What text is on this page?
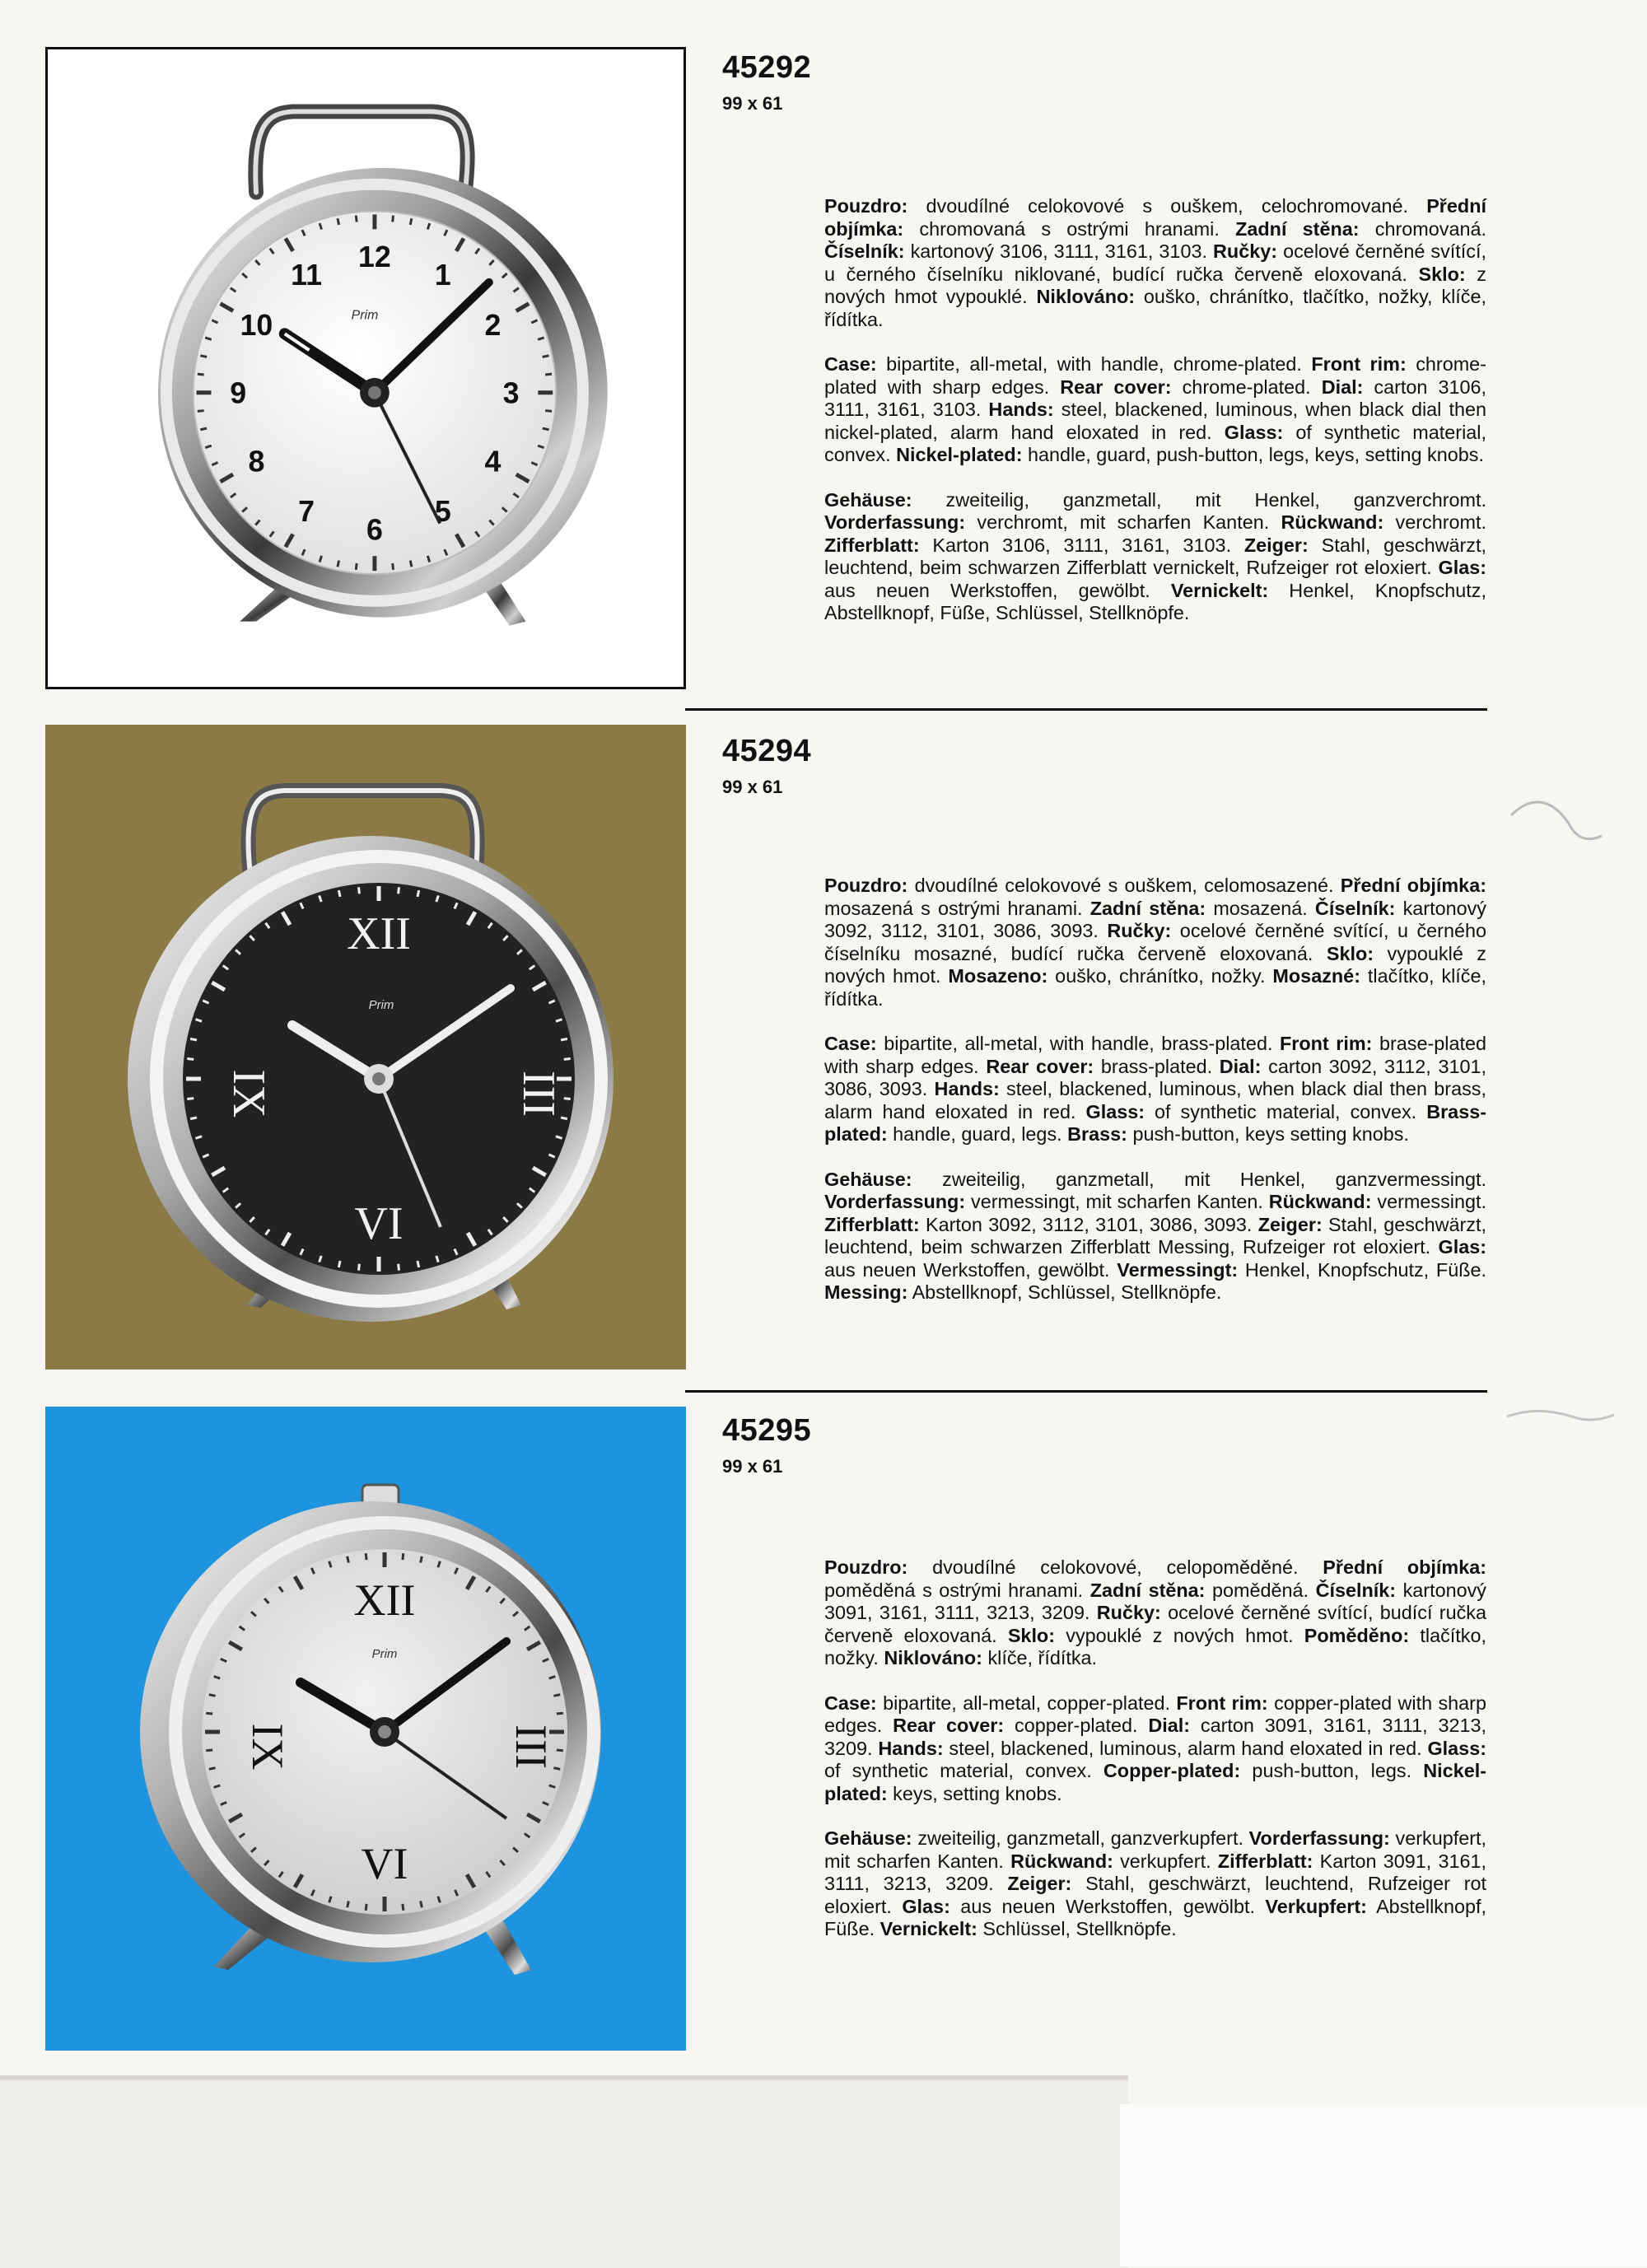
12
1
2
3
4
5
6
7
8
9
10
11
Prim
45292
99 x 61

Pouzdro: dvoudílné celokovové s ouškem, celochromované. Přední objímka: chromovaná s ostrými hranami. Zadní stěna: chromovaná. Číselník: kartonový 3106, 3111, 3161, 3103. Ručky: ocelové černěné svítící, u černého číselníku niklované, budící ručka červeně eloxovaná. Sklo: z nových hmot vypouklé. Niklováno: ouško, chránítko, tlačítko, nožky, klíče, řídítka.

Case: bipartite, all-metal, with handle, chrome-plated. Front rim: chrome-plated with sharp edges. Rear cover: chrome-plated. Dial: carton 3106, 3111, 3161, 3103. Hands: steel, blackened, luminous, when black dial then nickel-plated, alarm hand eloxated in red. Glass: of synthetic material, convex. Nickel-plated: handle, guard, push-button, legs, keys, setting knobs.

Gehäuse: zweiteilig, ganzmetall, mit Henkel, ganzverchromt. Vorderfassung: verchromt, mit scharfen Kanten. Rückwand: verchromt. Zifferblatt: Karton 3106, 3111, 3161, 3103. Zeiger: Stahl, geschwärzt, leuchtend, beim schwarzen Zifferblatt vernickelt, Rufzeiger rot eloxiert. Glas: aus neuen Werkstoffen, gewölbt. Vernickelt: Henkel, Knopfschutz, Abstellknopf, Füße, Schlüssel, Stellknöpfe.

XII
III
VI
IX
Prim
45294
99 x 61

Pouzdro: dvoudílné celokovové s ouškem, celomosazené. Přední objímka: mosazená s ostrými hranami. Zadní stěna: mosazená. Číselník: kartonový 3092, 3112, 3101, 3086, 3093. Ručky: ocelové černěné svítící, u černého číselníku mosazné, budící ručka červeně eloxovaná. Sklo: vypouklé z nových hmot. Mosazeno: ouško, chránítko, nožky. Mosazné: tlačítko, klíče, řídítka.

Case: bipartite, all-metal, with handle, brass-plated. Front rim: brase-plated with sharp edges. Rear cover: brass-plated. Dial: carton 3092, 3112, 3101, 3086, 3093. Hands: steel, blackened, luminous, when black dial then brass, alarm hand eloxated in red. Glass: of synthetic material, convex. Brass-plated: handle, guard, legs. Brass: push-button, keys setting knobs.

Gehäuse: zweiteilig, ganzmetall, mit Henkel, ganzvermessingt. Vorderfassung: vermessingt, mit scharfen Kanten. Rückwand: vermessingt. Zifferblatt: Karton 3092, 3112, 3101, 3086, 3093. Zeiger: Stahl, geschwärzt, leuchtend, beim schwarzen Zifferblatt Messing, Rufzeiger rot eloxiert. Glas: aus neuen Werkstoffen, gewölbt. Vermessingt: Henkel, Knopfschutz, Füße. Messing: Abstellknopf, Schlüssel, Stellknöpfe.

XII
III
VI
IX
Prim
45295
99 x 61

Pouzdro: dvoudílné celokovové, celopoměděné. Přední objímka: poměděná s ostrými hranami. Zadní stěna: poměděná. Číselník: kartonový 3091, 3161, 3111, 3213, 3209. Ručky: ocelové černěné svítící, budící ručka červeně eloxovaná. Sklo: vypouklé z nových hmot. Poměděno: tlačítko, nožky. Niklováno: klíče, řídítka.

Case: bipartite, all-metal, copper-plated. Front rim: copper-plated with sharp edges. Rear cover: copper-plated. Dial: carton 3091, 3161, 3111, 3213, 3209. Hands: steel, blackened, luminous, alarm hand eloxated in red. Glass: of synthetic material, convex. Copper-plated: push-button, legs. Nickel-plated: keys, setting knobs.

Gehäuse: zweiteilig, ganzmetall, ganzverkupfert. Vorderfassung: verkupfert, mit scharfen Kanten. Rückwand: verkupfert. Zifferblatt: Karton 3091, 3161, 3111, 3213, 3209. Zeiger: Stahl, geschwärzt, leuchtend, Rufzeiger rot eloxiert. Glas: aus neuen Werkstoffen, gewölbt. Verkupfert: Abstellknopf, Füße. Vernickelt: Schlüssel, Stellknöpfe.
